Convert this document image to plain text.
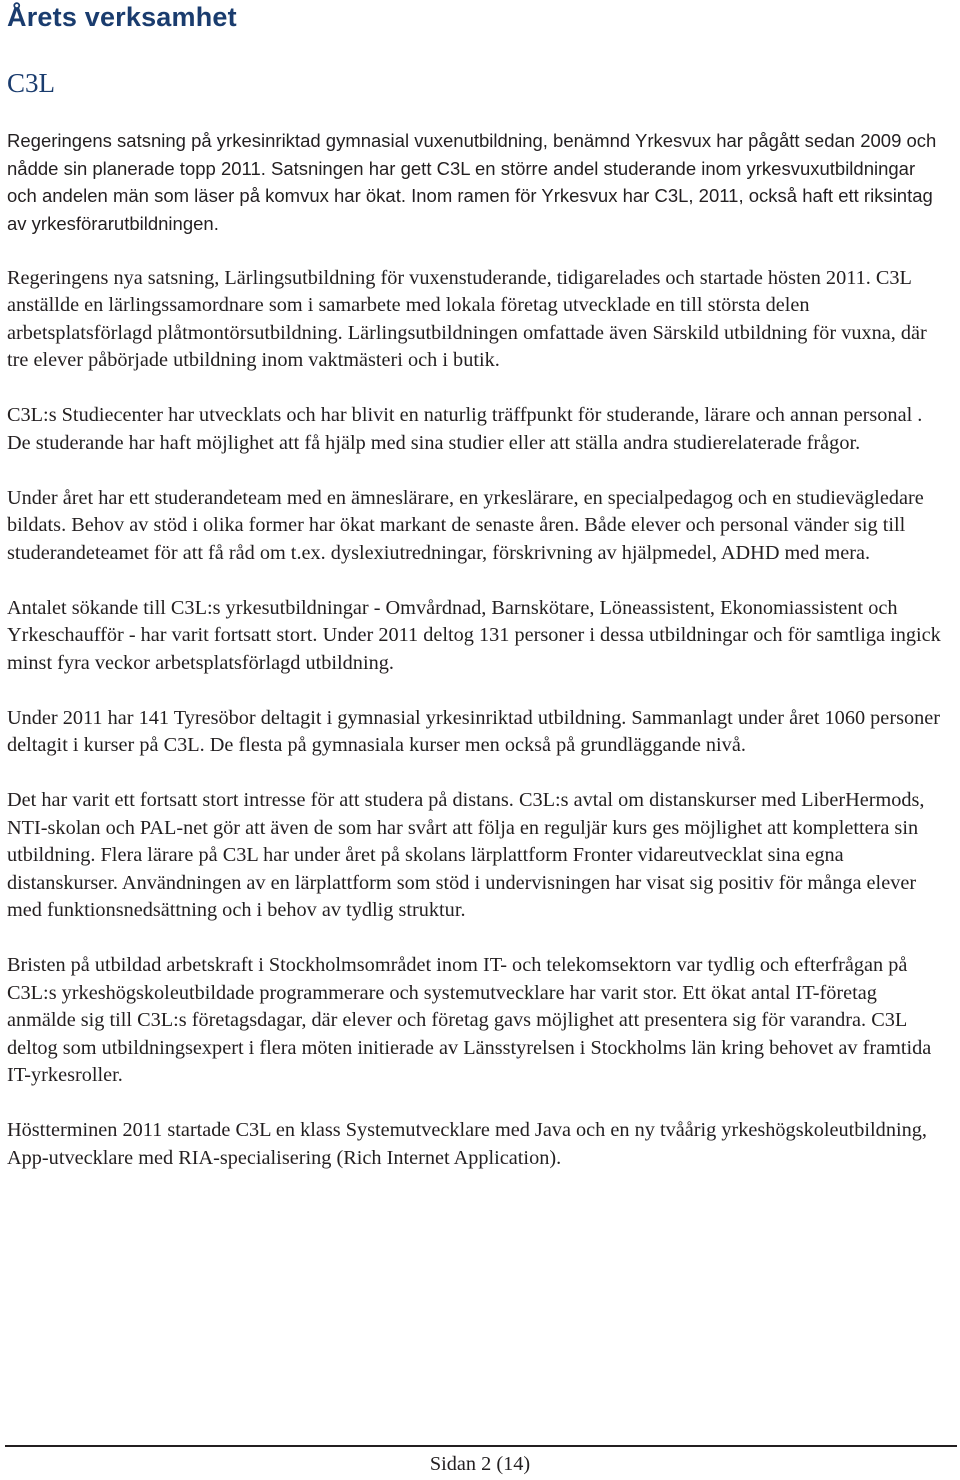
Årets verksamhet
C3L

Regeringens satsning på yrkesinriktad gymnasial vuxenutbildning, benämnd Yrkesvux har pågått sedan 2009 och nådde sin planerade topp 2011. Satsningen har gett C3L en större andel studerande inom yrkesvuxutbildningar och andelen män som läser på komvux har ökat. Inom ramen för Yrkesvux har C3L, 2011, också haft ett riksintag av yrkesförarutbildningen.

Regeringens nya satsning, Lärlingsutbildning för vuxenstuderande, tidigarelades och startade hösten 2011. C3L anställde en lärlingssamordnare som i samarbete med lokala företag utvecklade en till största delen arbetsplatsförlagd plåtmontörsutbildning. Lärlingsutbildningen omfattade även Särskild utbildning för vuxna, där tre elever påbörjade utbildning inom vaktmästeri och i butik.

C3L:s Studiecenter har utvecklats och har blivit en naturlig träffpunkt för studerande, lärare och annan personal . De studerande har haft möjlighet att få hjälp med sina studier eller att ställa andra studierelaterade frågor.

Under året har ett studerandeteam med en ämneslärare, en yrkeslärare, en specialpedagog och en studievägledare bildats. Behov av stöd i olika former har ökat markant de senaste åren. Både elever och personal vänder sig till studerandeteamet för att få råd om t.ex. dyslexiutredningar, förskrivning av hjälpmedel, ADHD med mera.

Antalet sökande till C3L:s yrkesutbildningar - Omvårdnad, Barnskötare, Löneassistent, Ekonomiassistent och Yrkeschaufför - har varit fortsatt stort. Under 2011 deltog 131 personer i dessa utbildningar och för samtliga ingick minst fyra veckor arbetsplatsförlagd utbildning.

Under 2011 har 141 Tyresöbor deltagit i gymnasial yrkesinriktad utbildning. Sammanlagt under året 1060 personer deltagit i kurser på C3L. De flesta på gymnasiala kurser men också på grundläggande nivå.

Det har varit ett fortsatt stort intresse för att studera på distans. C3L:s avtal om distanskurser med LiberHermods, NTI-skolan och PAL-net gör att även de som har svårt att följa en reguljär kurs ges möjlighet att komplettera sin utbildning. Flera lärare på C3L har under året på skolans lärplattform Fronter vidareutvecklat sina egna distanskurser. Användningen av en lärplattform som stöd i undervisningen har visat sig positiv för många elever med funktionsnedsättning och i behov av tydlig struktur.

Bristen på utbildad arbetskraft i Stockholmsområdet inom IT- och telekomsektorn var tydlig och efterfrågan på C3L:s yrkeshögskoleutbildade programmerare och systemutvecklare har varit stor. Ett ökat antal IT-företag anmälde sig till C3L:s företagsdagar, där elever och företag gavs möjlighet att presentera sig för varandra. C3L deltog som utbildningsexpert i flera möten initierade av Länsstyrelsen i Stockholms län kring behovet av framtida IT-yrkesroller.

Höstterminen 2011 startade C3L en klass Systemutvecklare med Java och en ny tvåårig yrkeshögskoleutbildning, App-utvecklare med RIA-specialisering (Rich Internet Application).

Sidan 2 (14)
